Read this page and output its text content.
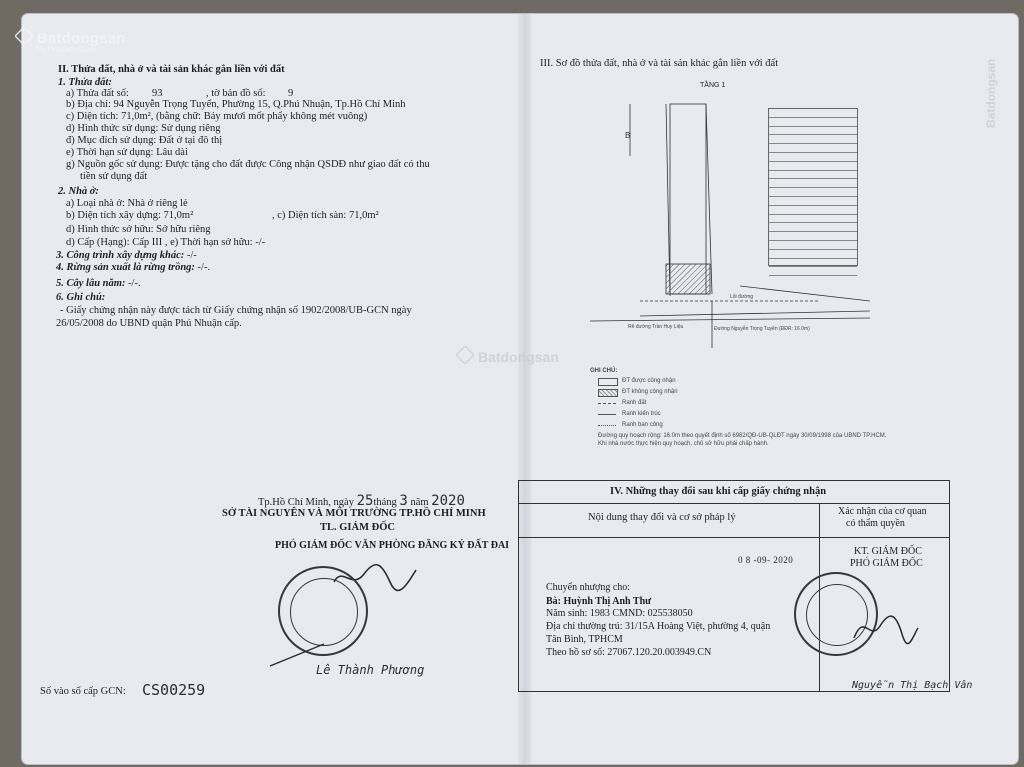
Batdongsan
By PropertyGuru
Batdongsan
Batdongsan
II. Thửa đất, nhà ở và tài sản khác gắn liền với đất
1. Thửa đất:
a) Thửa đất số: 93	, tờ bản đồ số: 9
b) Địa chỉ: 94 Nguyễn Trọng Tuyển, Phường 15, Q.Phú Nhuận, Tp.Hồ Chí Minh
c) Diện tích: 71,0m², (bằng chữ: Bảy mươi mốt phẩy không mét vuông)
d) Hình thức sử dụng: Sử dụng riêng
đ) Mục đích sử dụng: Đất ở tại đô thị
e) Thời hạn sử dụng: Lâu dài
g) Nguồn gốc sử dụng: Được tặng cho đất được Công nhận QSDĐ như giao đất có thu
tiền sử dụng đất
2. Nhà ở:
a) Loại nhà ở: Nhà ở riêng lẻ
b) Diện tích xây dựng: 71,0m²	, c) Diện tích sàn: 71,0m²
d) Hình thức sở hữu: Sở hữu riêng
d) Cấp (Hạng): Cấp III , e) Thời hạn sở hữu: -/-
3. Công trình xây dựng khác: -/-
4. Rừng sản xuất là rừng trồng: -/-.
5. Cây lâu năm: -/-.
6. Ghi chú:
- Giấy chứng nhận này được tách từ Giấy chứng nhận số 1902/2008/UB-GCN ngày
26/05/2008 do UBND quận Phú Nhuận cấp.
Tp.Hồ Chí Minh, ngày 25tháng 3 năm 2020
SỞ TÀI NGUYÊN VÀ MÔI TRƯỜNG TP.HỒ CHÍ MINH
TL. GIÁM ĐỐC
PHÓ GIÁM ĐỐC VĂN PHÒNG ĐĂNG KÝ ĐẤT ĐAI
Lê Thành Phương
Số vào sổ cấp GCN: CS00259
III. Sơ đồ thửa đất, nhà ở và tài sản khác gắn liền với đất
TẦNG 1
B
Rẽ đường Trần Huy Liệu	Đường Nguyễn Trọng Tuyển (ĐĐR: 16.0m)
Lối đường
GHI CHÚ:
ĐT được công nhận
ĐT không công nhận
Ranh đất
Ranh kiến trúc
Ranh ban công
Đường quy hoạch rộng: 16.0m theo quyết định số 6982/QĐ-UB-QLĐT ngày 30/09/1998 của UBND TP.HCM.
Khi nhà nước thực hiện quy hoạch, chủ sở hữu phải chấp hành.
IV. Những thay đổi sau khi cấp giấy chứng nhận
Nội dung thay đổi và cơ sở pháp lý
Xác nhận của cơ quan
có thẩm quyền
0 8 -09- 2020
Chuyển nhượng cho:
Bà: Huỳnh Thị Anh Thư
Năm sinh: 1983 CMND: 025538050
Địa chỉ thường trú: 31/15A Hoàng Việt, phường 4, quận
Tân Bình, TPHCM
Theo hồ sơ số: 27067.120.20.003949.CN
KT. GIÁM ĐỐC
PHÓ GIÁM ĐỐC
Nguyễn Thị Bạch Vân
